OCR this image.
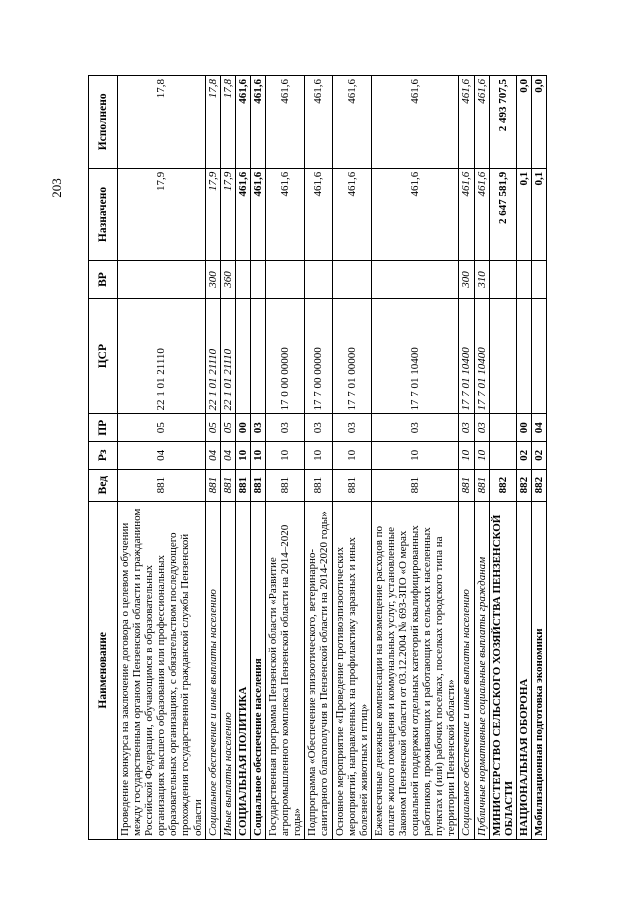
203
Наименование	Вед	Рз	ПР	ЦСР	ВР	Назначено	Исполнено
Проведение конкурса на заключение договора о целевом обучении между государственным органом Пензенской области и гражданином Российской Федерации, обучающимся в образовательных организациях высшего образования или профессиональных образовательных организациях, с обязательством последующего прохождения государственной гражданской службы Пензенской области	881	04	05	22 1 01 21110		17,9	17,8
Социальное обеспечение и иные выплаты населению	881	04	05	22 1 01 21110	300	17,9	17,8
Иные выплаты населению	881	04	05	22 1 01 21110	360	17,9	17,8
СОЦИАЛЬНАЯ ПОЛИТИКА	881	10	00			461,6	461,6
Социальное обеспечение населения	881	10	03			461,6	461,6
Государственная программа Пензенской области «Развитие агропромышленного комплекса Пензенской области на 2014–2020 годы»	881	10	03	17 0 00 00000		461,6	461,6
Подпрограмма «Обеспечение эпизоотического, ветеринарно-санитарного благополучия в Пензенской области на 2014-2020 годы»	881	10	03	17 7 00 00000		461,6	461,6
Основное мероприятие «Проведение противоэпизоотических мероприятий, направленных на профилактику заразных и иных болезней животных и птиц»	881	10	03	17 7 01 00000		461,6	461,6
Ежемесячные денежные компенсации на возмещение расходов по оплате жилого помещения и коммунальных услуг, установленные Законом Пензенской области от 03.12.2004 № 693-ЗПО «О мерах социальной поддержки отдельных категорий квалифицированных работников, проживающих и работающих в сельских населенных пунктах и (или) рабочих поселках, поселках городского типа на территории Пензенской области»	881	10	03	17 7 01 10400		461,6	461,6
Социальное обеспечение и иные выплаты населению	881	10	03	17 7 01 10400	300	461,6	461,6
Публичные нормативные социальные выплаты гражданам	881	10	03	17 7 01 10400	310	461,6	461,6
МИНИСТЕРСТВО СЕЛЬСКОГО ХОЗЯЙСТВА ПЕНЗЕНСКОЙ ОБЛАСТИ	882					2 647 581,9	2 493 707,5
НАЦИОНАЛЬНАЯ ОБОРОНА	882	02	00			0,1	0,0
Мобилизационная подготовка экономики	882	02	04			0,1	0,0
